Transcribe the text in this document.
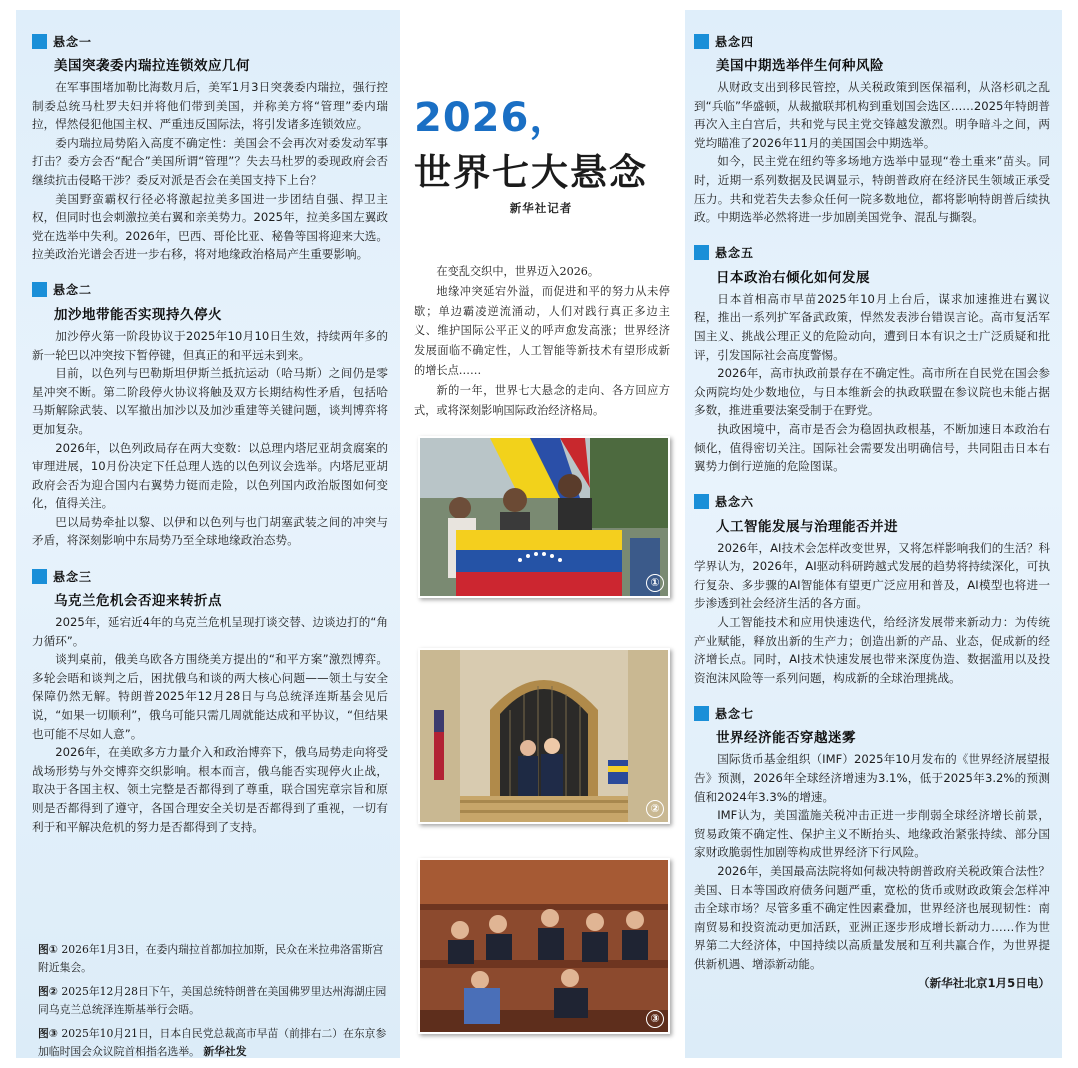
悬念一
美国突袭委内瑞拉连锁效应几何

在军事围堵加勒比海数月后，美军1月3日突袭委内瑞拉，强行控制委总统马杜罗夫妇并将他们带到美国，并称美方将“管理”委内瑞拉，悍然侵犯他国主权、严重违反国际法，将引发诸多连锁效应。

委内瑞拉局势陷入高度不确定性：美国会不会再次对委发动军事打击？委方会否“配合”美国所谓“管理”？失去马杜罗的委现政府会否继续抗击侵略干涉？委反对派是否会在美国支持下上台？

美国野蛮霸权行径必将激起拉美多国进一步团结自强、捍卫主权，但同时也会刺激拉美右翼和亲美势力。2025年，拉美多国左翼政党在选举中失利。2026年，巴西、哥伦比亚、秘鲁等国将迎来大选。拉美政治光谱会否进一步右移，将对地缘政治格局产生重要影响。

悬念二
加沙地带能否实现持久停火

加沙停火第一阶段协议于2025年10月10日生效，持续两年多的新一轮巴以冲突按下暂停键，但真正的和平远未到来。

目前，以色列与巴勒斯坦伊斯兰抵抗运动（哈马斯）之间仍是零星冲突不断。第二阶段停火协议将触及双方长期结构性矛盾，包括哈马斯解除武装、以军撤出加沙以及加沙重建等关键问题，谈判博弈将更加复杂。

2026年，以色列政局存在两大变数：以总理内塔尼亚胡贪腐案的审理进展，10月份决定下任总理人选的以色列议会选举。内塔尼亚胡政府会否为迎合国内右翼势力铤而走险，以色列国内政治版图如何变化，值得关注。

巴以局势牵扯以黎、以伊和以色列与也门胡塞武装之间的冲突与矛盾，将深刻影响中东局势乃至全球地缘政治态势。

悬念三
乌克兰危机会否迎来转折点

2025年，延宕近4年的乌克兰危机呈现打谈交替、边谈边打的“角力循环”。

谈判桌前，俄美乌欧各方围绕美方提出的“和平方案”激烈博弈。多轮会晤和谈判之后，困扰俄乌和谈的两大核心问题——领土与安全保障仍然无解。特朗普2025年12月28日与乌总统泽连斯基会见后说，“如果一切顺利”，俄乌可能只需几周就能达成和平协议，“但结果也可能不尽如人意”。

2026年，在美欧多方力量介入和政治博弈下，俄乌局势走向将受战场形势与外交博弈交织影响。根本而言，俄乌能否实现停火止战，取决于各国主权、领土完整是否都得到了尊重，联合国宪章宗旨和原则是否都得到了遵守，各国合理安全关切是否都得到了重视，一切有利于和平解决危机的努力是否都得到了支持。

图① 2026年1月3日，在委内瑞拉首都加拉加斯，民众在米拉弗洛雷斯宫附近集会。

图② 2025年12月28日下午，美国总统特朗普在美国佛罗里达州海湖庄园同乌克兰总统泽连斯基举行会晤。

图③ 2025年10月21日，日本自民党总裁高市早苗（前排右二）在东京参加临时国会众议院首相指名选举。 新华社发

2026，
世界七大悬念
新华社记者

在变乱交织中，世界迈入2026。

地缘冲突延宕外溢，而促进和平的努力从未停歇；单边霸凌逆流涌动，人们对践行真正多边主义、维护国际公平正义的呼声愈发高涨；世界经济发展面临不确定性，人工智能等新技术有望形成新的增长点……

新的一年，世界七大悬念的走向、各方回应方式，或将深刻影响国际政治经济格局。

①
②
③
悬念四
美国中期选举伴生何种风险

从财政支出到移民管控，从关税政策到医保福利，从洛杉矶之乱到“兵临”华盛顿，从裁撤联邦机构到重划国会选区……2025年特朗普再次入主白宫后，共和党与民主党交锋越发激烈。明争暗斗之间，两党均瞄准了2026年11月的美国国会中期选举。

如今，民主党在纽约等多场地方选举中显现“卷土重来”苗头。同时，近期一系列数据及民调显示，特朗普政府在经济民生领域正承受压力。共和党若失去参众任何一院多数地位，都将影响特朗普后续执政。中期选举必然将进一步加剧美国党争、混乱与撕裂。

悬念五
日本政治右倾化如何发展

日本首相高市早苗2025年10月上台后，谋求加速推进右翼议程，推出一系列扩军备武政策，悍然发表涉台错误言论。高市复活军国主义、挑战公理正义的危险动向，遭到日本有识之士广泛质疑和批评，引发国际社会高度警惕。

2026年，高市执政前景存在不确定性。高市所在自民党在国会参众两院均处少数地位，与日本维新会的执政联盟在参议院也未能占据多数，推进重要法案受制于在野党。

执政困境中，高市是否会为稳固执政根基，不断加速日本政治右倾化，值得密切关注。国际社会需要发出明确信号，共同阻击日本右翼势力倒行逆施的危险图谋。

悬念六
人工智能发展与治理能否并进

2026年，AI技术会怎样改变世界，又将怎样影响我们的生活？科学界认为，2026年，AI驱动科研跨越式发展的趋势将持续深化，可执行复杂、多步骤的AI智能体有望更广泛应用和普及，AI模型也将进一步渗透到社会经济生活的各方面。

人工智能技术和应用快速迭代，给经济发展带来新动力：为传统产业赋能，释放出新的生产力；创造出新的产品、业态，促成新的经济增长点。同时，AI技术快速发展也带来深度伪造、数据滥用以及投资泡沫风险等一系列问题，构成新的全球治理挑战。

悬念七
世界经济能否穿越迷雾

国际货币基金组织（IMF）2025年10月发布的《世界经济展望报告》预测，2026年全球经济增速为3.1%，低于2025年3.2%的预测值和2024年3.3%的增速。

IMF认为，美国滥施关税冲击正进一步削弱全球经济增长前景，贸易政策不确定性、保护主义不断抬头、地缘政治紧张持续、部分国家财政脆弱性加剧等构成世界经济下行风险。

2026年，美国最高法院将如何裁决特朗普政府关税政策合法性？美国、日本等国政府债务问题严重，宽松的货币或财政政策会怎样冲击全球市场？尽管多重不确定性因素叠加，世界经济也展现韧性：南南贸易和投资流动更加活跃，亚洲正逐步形成增长新动力……作为世界第二大经济体，中国持续以高质量发展和互利共赢合作，为世界提供新机遇、增添新动能。

（新华社北京1月5日电）
